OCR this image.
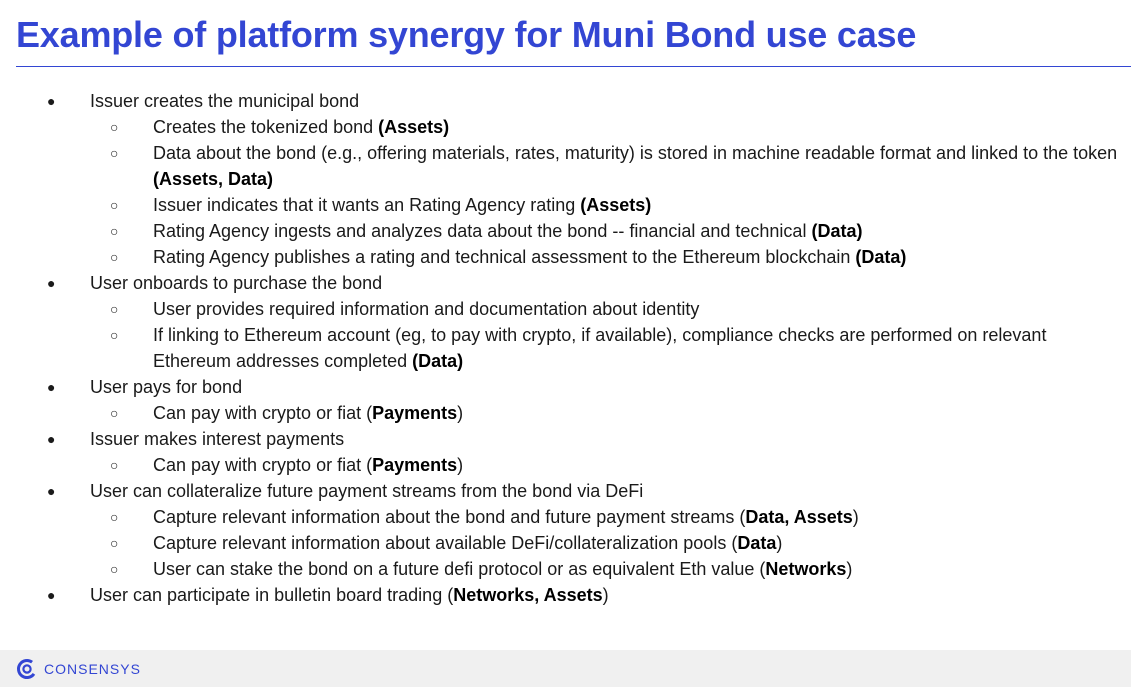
Example of platform synergy for Muni Bond use case
● Issuer creates the municipal bond
○ Creates the tokenized bond (Assets)
○ Data about the bond (e.g., offering materials, rates, maturity) is stored in machine readable format and linked to the token (Assets, Data)
○ Issuer indicates that it wants an Rating Agency rating (Assets)
○ Rating Agency ingests and analyzes data about the bond -- financial and technical (Data)
○ Rating Agency publishes a rating and technical assessment to the Ethereum blockchain (Data)
● User onboards to purchase the bond
○ User provides required information and documentation about identity
○ If linking to Ethereum account (eg, to pay with crypto, if available), compliance checks are performed on relevant Ethereum addresses completed (Data)
● User pays for bond
○ Can pay with crypto or fiat (Payments)
● Issuer makes interest payments
○ Can pay with crypto or fiat (Payments)
● User can collateralize future payment streams from the bond via DeFi
○ Capture relevant information about the bond and future payment streams (Data, Assets)
○ Capture relevant information about available DeFi/collateralization pools (Data)
○ User can stake the bond on a future defi protocol or as equivalent Eth value (Networks)
● User can participate in bulletin board trading (Networks, Assets)
CONSENSYS
